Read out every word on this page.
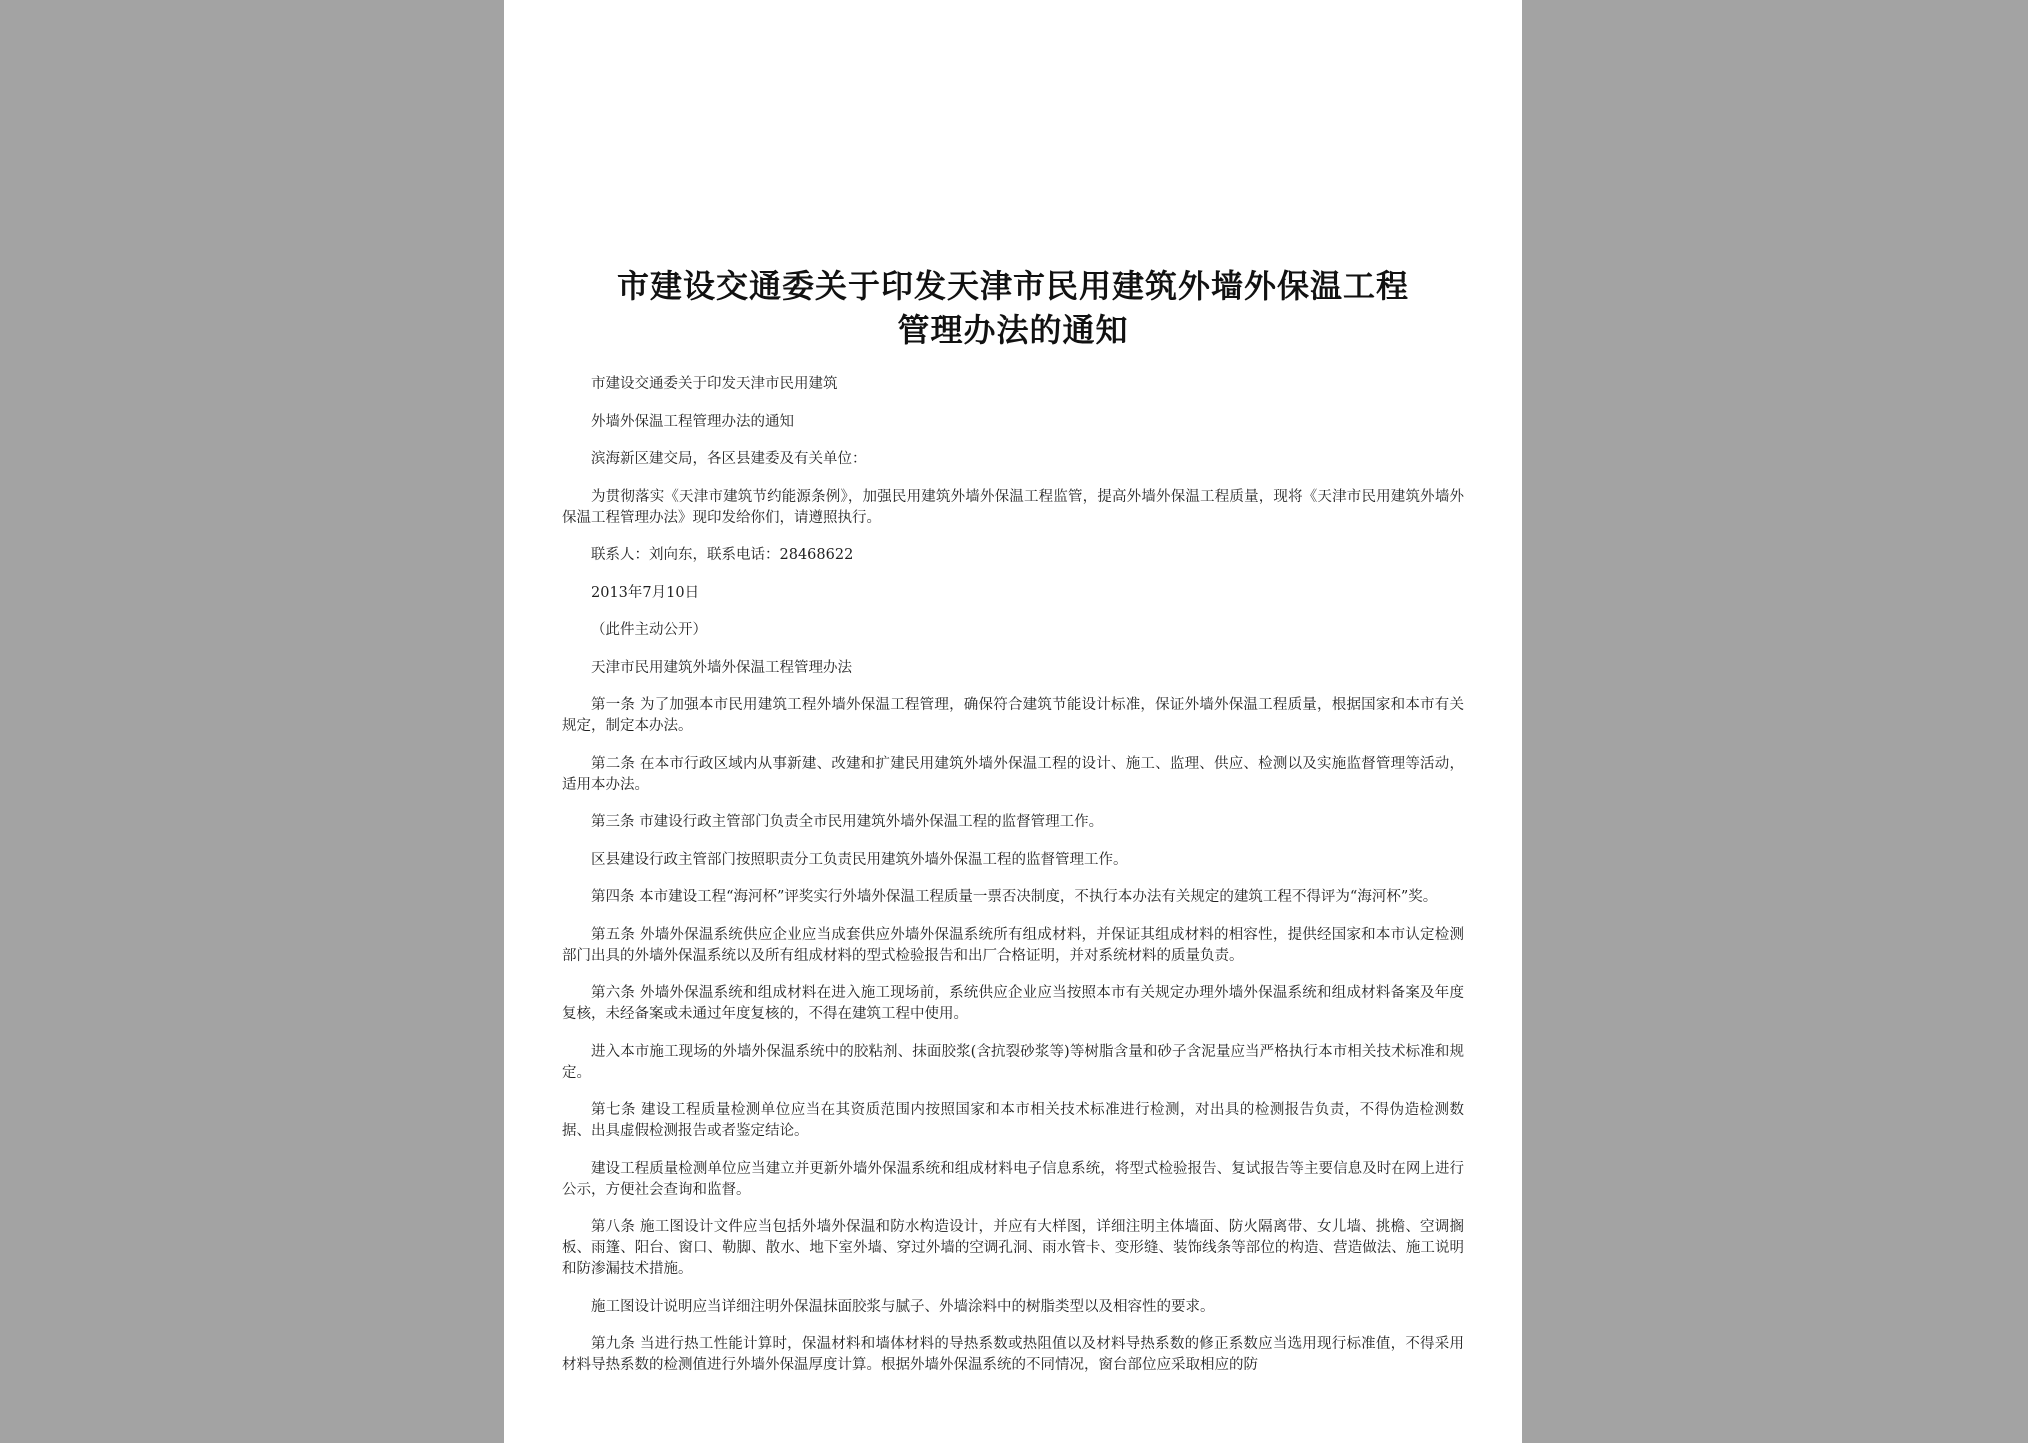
市建设交通委关于印发天津市民用建筑外墙外保温工程
管理办法的通知

市建设交通委关于印发天津市民用建筑

外墙外保温工程管理办法的通知

滨海新区建交局，各区县建委及有关单位：

为贯彻落实《天津市建筑节约能源条例》，加强民用建筑外墙外保温工程监管，提高外墙外保温工程质量，现将《天津市民用建筑外墙外保温工程管理办法》现印发给你们，请遵照执行。

联系人：刘向东，联系电话：28468622

2013年7月10日

（此件主动公开）

天津市民用建筑外墙外保温工程管理办法

第一条 为了加强本市民用建筑工程外墙外保温工程管理，确保符合建筑节能设计标准，保证外墙外保温工程质量，根据国家和本市有关规定，制定本办法。

第二条 在本市行政区域内从事新建、改建和扩建民用建筑外墙外保温工程的设计、施工、监理、供应、检测以及实施监督管理等活动，适用本办法。

第三条 市建设行政主管部门负责全市民用建筑外墙外保温工程的监督管理工作。

区县建设行政主管部门按照职责分工负责民用建筑外墙外保温工程的监督管理工作。

第四条 本市建设工程“海河杯”评奖实行外墙外保温工程质量一票否决制度，不执行本办法有关规定的建筑工程不得评为“海河杯”奖。

第五条 外墙外保温系统供应企业应当成套供应外墙外保温系统所有组成材料，并保证其组成材料的相容性，提供经国家和本市认定检测部门出具的外墙外保温系统以及所有组成材料的型式检验报告和出厂合格证明，并对系统材料的质量负责。

第六条 外墙外保温系统和组成材料在进入施工现场前，系统供应企业应当按照本市有关规定办理外墙外保温系统和组成材料备案及年度复核，未经备案或未通过年度复核的，不得在建筑工程中使用。

进入本市施工现场的外墙外保温系统中的胶粘剂、抹面胶浆(含抗裂砂浆等)等树脂含量和砂子含泥量应当严格执行本市相关技术标准和规定。

第七条 建设工程质量检测单位应当在其资质范围内按照国家和本市相关技术标准进行检测，对出具的检测报告负责，不得伪造检测数据、出具虚假检测报告或者鉴定结论。

建设工程质量检测单位应当建立并更新外墙外保温系统和组成材料电子信息系统，将型式检验报告、复试报告等主要信息及时在网上进行公示，方便社会查询和监督。

第八条 施工图设计文件应当包括外墙外保温和防水构造设计，并应有大样图，详细注明主体墙面、防火隔离带、女儿墙、挑檐、空调搁板、雨篷、阳台、窗口、勒脚、散水、地下室外墙、穿过外墙的空调孔洞、雨水管卡、变形缝、装饰线条等部位的构造、营造做法、施工说明和防渗漏技术措施。

施工图设计说明应当详细注明外保温抹面胶浆与腻子、外墙涂料中的树脂类型以及相容性的要求。

第九条 当进行热工性能计算时，保温材料和墙体材料的导热系数或热阻值以及材料导热系数的修正系数应当选用现行标准值，不得采用材料导热系数的检测值进行外墙外保温厚度计算。根据外墙外保温系统的不同情况，窗台部位应采取相应的防
